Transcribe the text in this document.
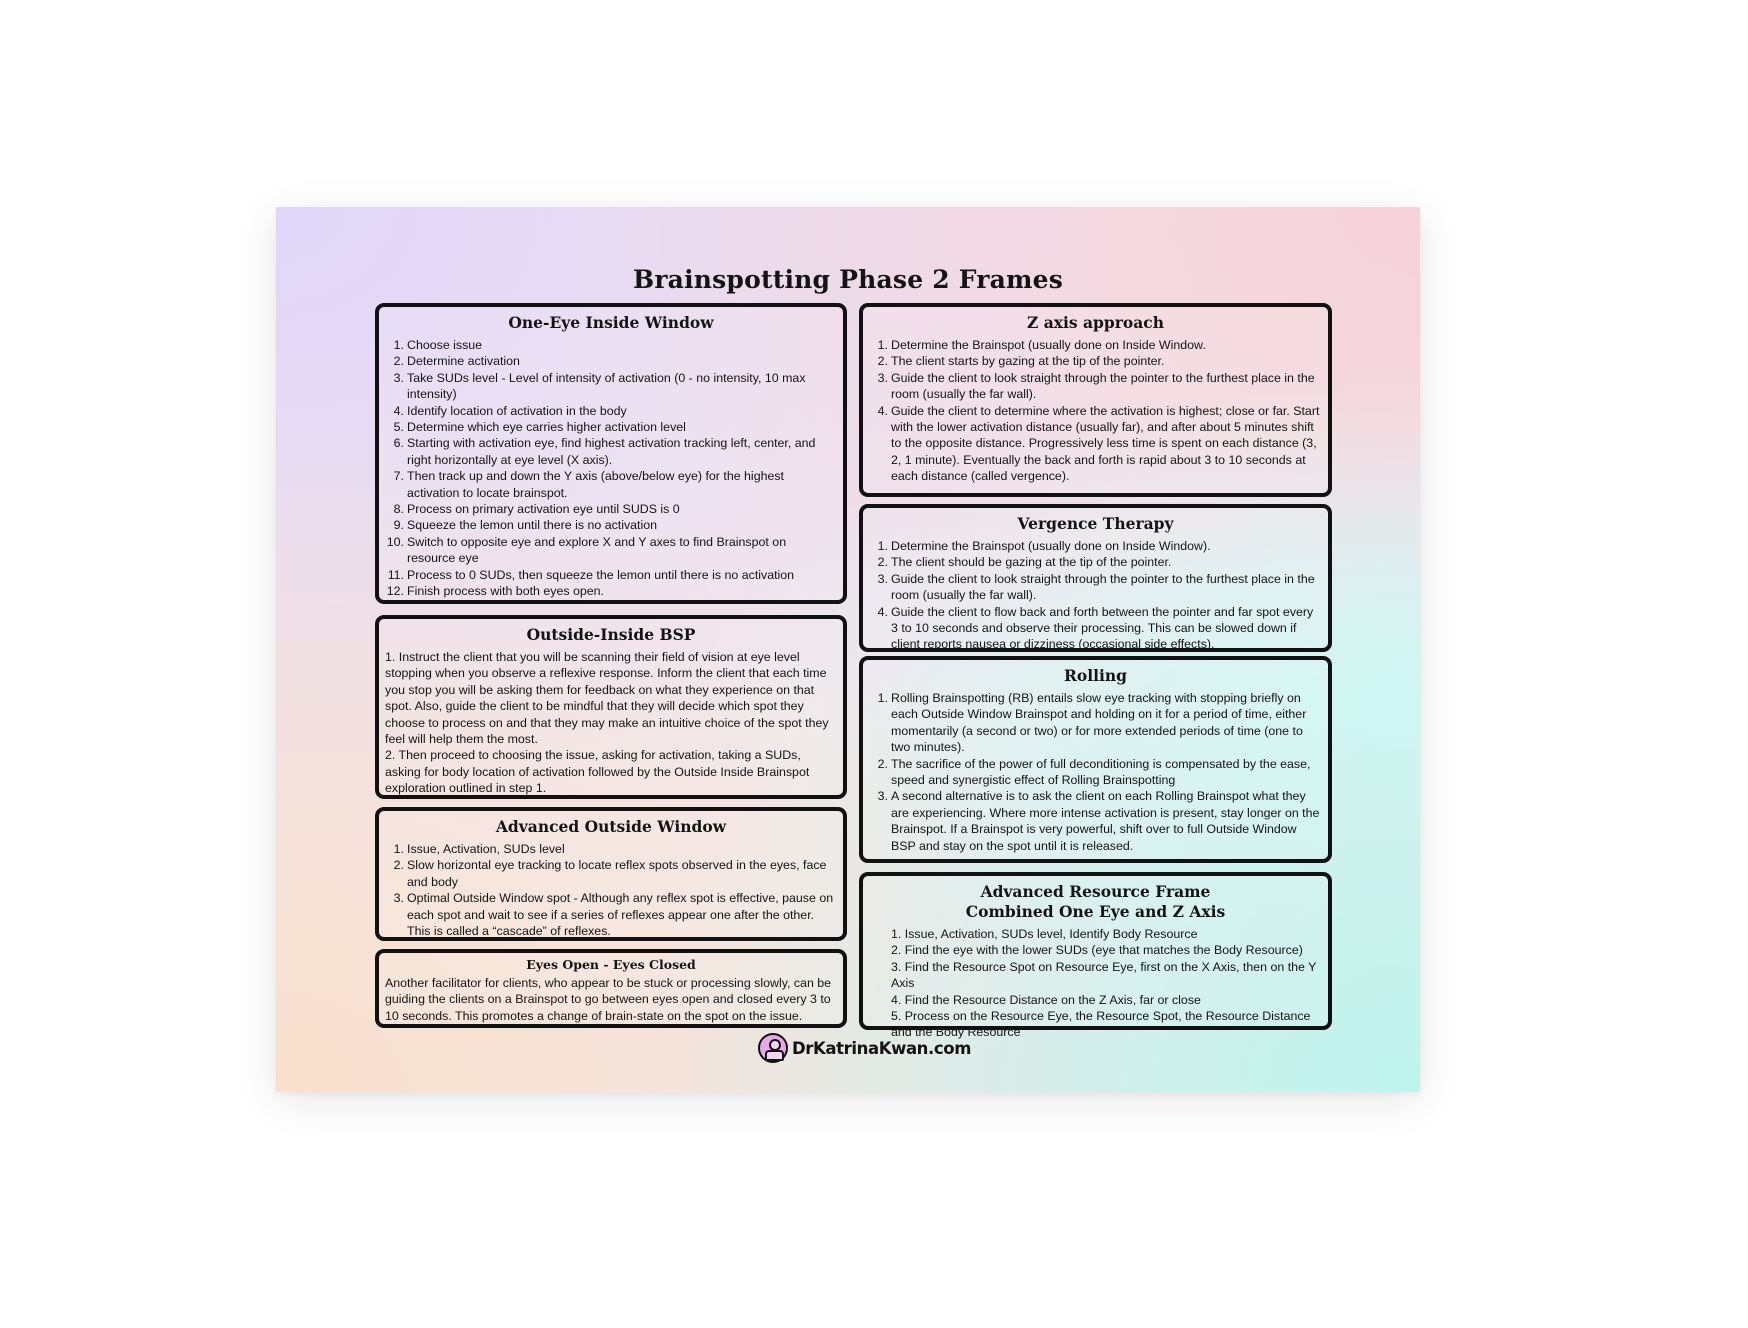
Brainspotting Phase 2 Frames
One-Eye Inside Window
1. Choose issue
2. Determine activation
3. Take SUDs level - Level of intensity of activation (0 - no intensity, 10 max intensity)
4. Identify location of activation in the body
5. Determine which eye carries higher activation level
6. Starting with activation eye, find highest activation tracking left, center, and right horizontally at eye level (X axis).
7. Then track up and down the Y axis (above/below eye) for the highest activation to locate brainspot.
8. Process on primary activation eye until SUDS is 0
9. Squeeze the lemon until there is no activation
10. Switch to opposite eye and explore X and Y axes to find Brainspot on resource eye
11. Process to 0 SUDs, then squeeze the lemon until there is no activation
12. Finish process with both eyes open.
Outside-Inside BSP

1. Instruct the client that you will be scanning their field of vision at eye level stopping when you observe a reflexive response. Inform the client that each time you stop you will be asking them for feedback on what they experience on that spot. Also, guide the client to be mindful that they will decide which spot they choose to process on and that they may make an intuitive choice of the spot they feel will help them the most.

2. Then proceed to choosing the issue, asking for activation, taking a SUDs, asking for body location of activation followed by the Outside Inside Brainspot exploration outlined in step 1.

Advanced Outside Window
1. Issue, Activation, SUDs level
2. Slow horizontal eye tracking to locate reflex spots observed in the eyes, face and body
3. Optimal Outside Window spot - Although any reflex spot is effective, pause on each spot and wait to see if a series of reflexes appear one after the other. This is called a “cascade” of reflexes.
Eyes Open - Eyes Closed

Another facilitator for clients, who appear to be stuck or processing slowly, can be guiding the clients on a Brainspot to go between eyes open and closed every 3 to 10 seconds. This promotes a change of brain-state on the spot on the issue.

Z axis approach
1. Determine the Brainspot (usually done on Inside Window.
2. The client starts by gazing at the tip of the pointer.
3. Guide the client to look straight through the pointer to the furthest place in the room (usually the far wall).
4. Guide the client to determine where the activation is highest; close or far. Start with the lower activation distance (usually far), and after about 5 minutes shift to the opposite distance. Progressively less time is spent on each distance (3, 2, 1 minute). Eventually the back and forth is rapid about 3 to 10 seconds at each distance (called vergence).
Vergence Therapy
1. Determine the Brainspot (usually done on Inside Window).
2. The client should be gazing at the tip of the pointer.
3. Guide the client to look straight through the pointer to the furthest place in the room (usually the far wall).
4. Guide the client to flow back and forth between the pointer and far spot every 3 to 10 seconds and observe their processing. This can be slowed down if client reports nausea or dizziness (occasional side effects).
Rolling
1. Rolling Brainspotting (RB) entails slow eye tracking with stopping briefly on each Outside Window Brainspot and holding on it for a period of time, either momentarily (a second or two) or for more extended periods of time (one to two minutes).
2. The sacrifice of the power of full deconditioning is compensated by the ease, speed and synergistic effect of Rolling Brainspotting
3. A second alternative is to ask the client on each Rolling Brainspot what they are experiencing. Where more intense activation is present, stay longer on the Brainspot. If a Brainspot is very powerful, shift over to full Outside Window BSP and stay on the spot until it is released.
Advanced Resource Frame
Combined One Eye and Z Axis
1. Issue, Activation, SUDs level, Identify Body Resource
2. Find the eye with the lower SUDs (eye that matches the Body Resource)
3. Find the Resource Spot on Resource Eye, first on the X Axis, then on the Y Axis
4. Find the Resource Distance on the Z Axis, far or close
5. Process on the Resource Eye, the Resource Spot, the Resource Distance and the Body Resource
DrKatrinaKwan.com
